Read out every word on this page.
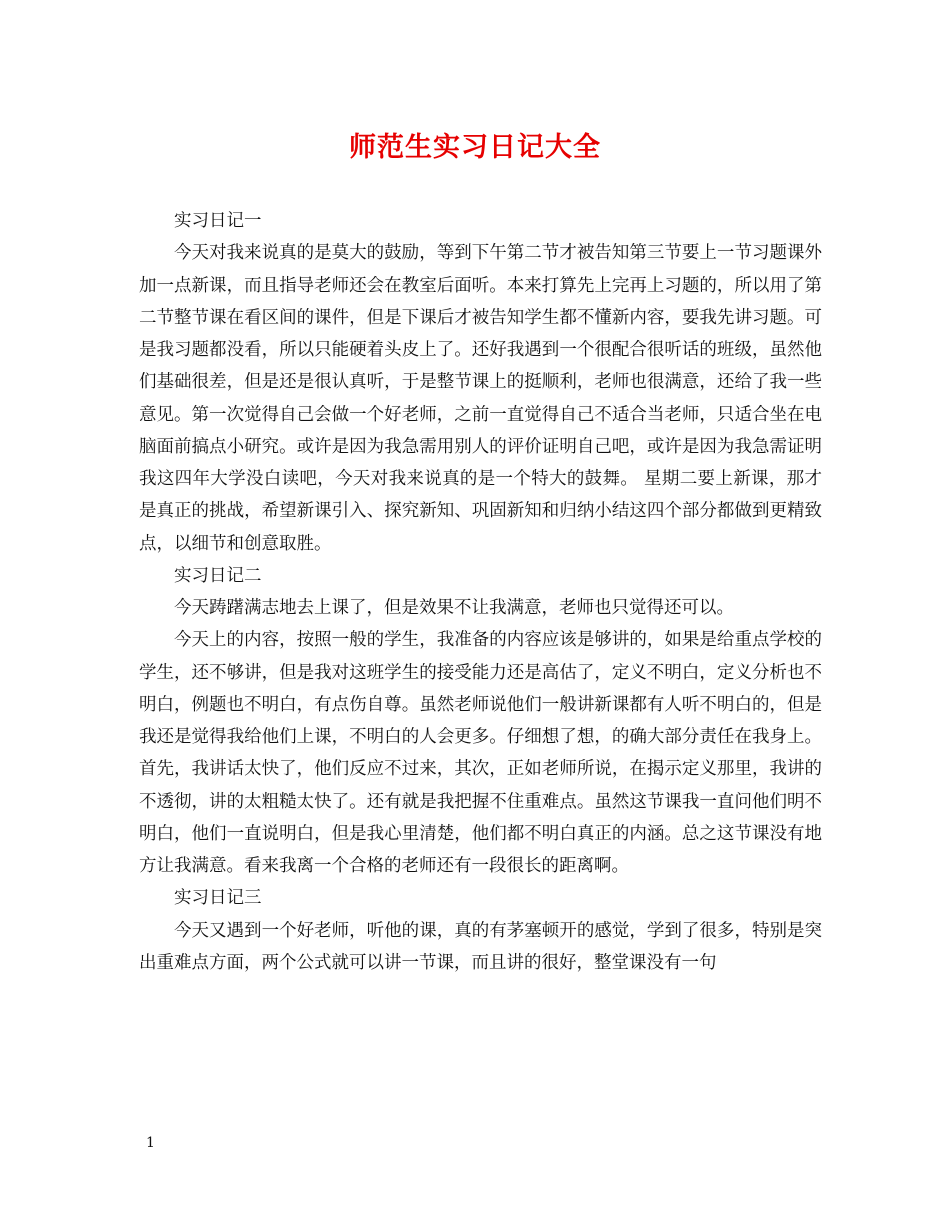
师范生实习日记大全

实习日记一

今天对我来说真的是莫大的鼓励，等到下午第二节才被告知第三节要上一节习题课外加一点新课，而且指导老师还会在教室后面听。本来打算先上完再上习题的，所以用了第二节整节课在看区间的课件，但是下课后才被告知学生都不懂新内容，要我先讲习题。可是我习题都没看，所以只能硬着头皮上了。还好我遇到一个很配合很听话的班级，虽然他们基础很差，但是还是很认真听，于是整节课上的挺顺利，老师也很满意，还给了我一些意见。第一次觉得自己会做一个好老师，之前一直觉得自己不适合当老师，只适合坐在电脑面前搞点小研究。或许是因为我急需用别人的评价证明自己吧，或许是因为我急需证明我这四年大学没白读吧，今天对我来说真的是一个特大的鼓舞。 星期二要上新课，那才是真正的挑战，希望新课引入、探究新知、巩固新知和归纳小结这四个部分都做到更精致点，以细节和创意取胜。

实习日记二

今天踌躇满志地去上课了，但是效果不让我满意，老师也只觉得还可以。

今天上的内容，按照一般的学生，我准备的内容应该是够讲的，如果是给重点学校的学生，还不够讲，但是我对这班学生的接受能力还是高估了，定义不明白，定义分析也不明白，例题也不明白，有点伤自尊。虽然老师说他们一般讲新课都有人听不明白的，但是我还是觉得我给他们上课，不明白的人会更多。仔细想了想，的确大部分责任在我身上。首先，我讲话太快了，他们反应不过来，其次，正如老师所说，在揭示定义那里，我讲的不透彻，讲的太粗糙太快了。还有就是我把握不住重难点。虽然这节课我一直问他们明不明白，他们一直说明白，但是我心里清楚，他们都不明白真正的内涵。总之这节课没有地方让我满意。看来我离一个合格的老师还有一段很长的距离啊。

实习日记三

今天又遇到一个好老师，听他的课，真的有茅塞顿开的感觉，学到了很多，特别是突出重难点方面，两个公式就可以讲一节课，而且讲的很好，整堂课没有一句

1
